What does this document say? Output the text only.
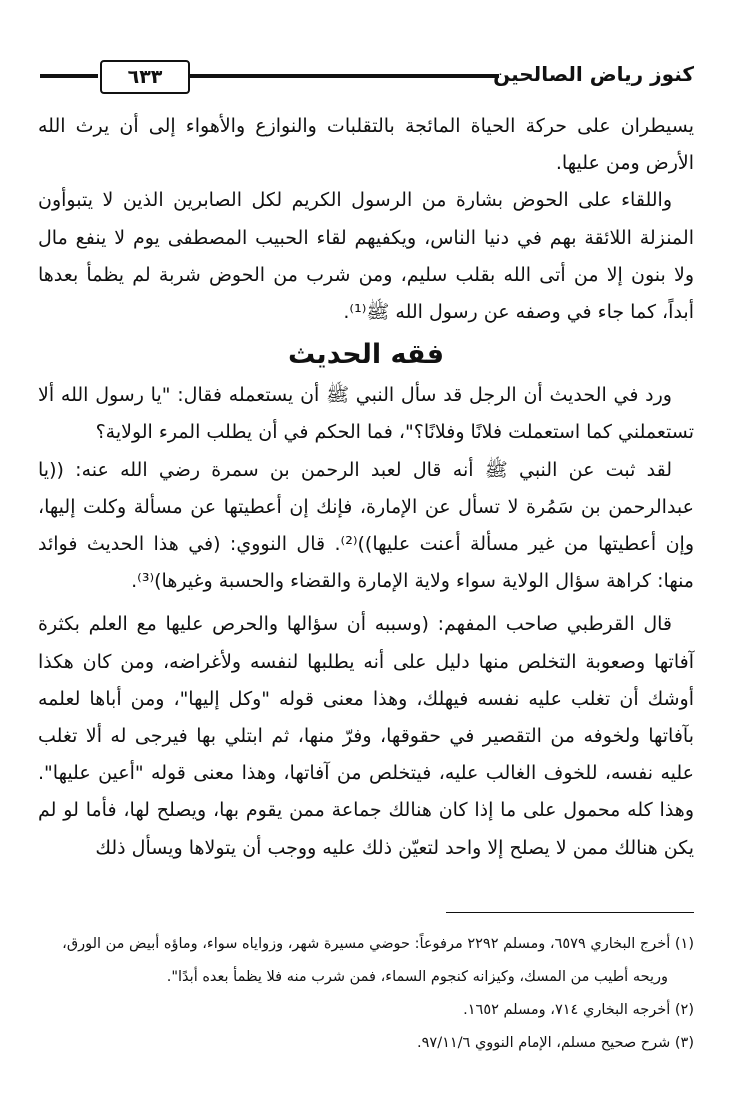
كنوز رياض الصالحين
٦٣٣

يسيطران على حركة الحياة المائجة بالتقلبات والنوازع والأهواء إلى أن يرث الله الأرض ومن عليها.

واللقاء على الحوض بشارة من الرسول الكريم لكل الصابرين الذين لا يتبوأون المنزلة اللائقة بهم في دنيا الناس، ويكفيهم لقاء الحبيب المصطفى يوم لا ينفع مال ولا بنون إلا من أتى الله بقلب سليم، ومن شرب من الحوض شربة لم يظمأ بعدها أبداً، كما جاء في وصفه عن رسول الله ﷺ⁽¹⁾.

فقه الحديث

ورد في الحديث أن الرجل قد سأل النبي ﷺ أن يستعمله فقال: "يا رسول الله ألا تستعملني كما استعملت فلانًا وفلانًا؟"، فما الحكم في أن يطلب المرء الولاية؟

لقد ثبت عن النبي ﷺ أنه قال لعبد الرحمن بن سمرة رضي الله عنه: ((يا عبدالرحمن بن سَمُرة لا تسأل عن الإمارة، فإنك إن أعطيتها عن مسألة وكلت إليها، وإن أعطيتها من غير مسألة أعنت عليها))⁽²⁾. قال النووي: (في هذا الحديث فوائد منها: كراهة سؤال الولاية سواء ولاية الإمارة والقضاء والحسبة وغيرها)⁽³⁾.

قال القرطبي صاحب المفهم: (وسببه أن سؤالها والحرص عليها مع العلم بكثرة آفاتها وصعوبة التخلص منها دليل على أنه يطلبها لنفسه ولأغراضه، ومن كان هكذا أوشك أن تغلب عليه نفسه فيهلك، وهذا معنى قوله "وكل إليها"، ومن أباها لعلمه بآفاتها ولخوفه من التقصير في حقوقها، وفرّ منها، ثم ابتلي بها فيرجى له ألا تغلب عليه نفسه، للخوف الغالب عليه، فيتخلص من آفاتها، وهذا معنى قوله "أعين عليها". وهذا كله محمول على ما إذا كان هنالك جماعة ممن يقوم بها، ويصلح لها، فأما لو لم يكن هنالك ممن لا يصلح إلا واحد لتعيّن ذلك عليه ووجب أن يتولاها ويسأل ذلك

(١) أخرج البخاري ٦٥٧٩، ومسلم ٢٢٩٢ مرفوعاً: حوضي مسيرة شهر، وزواياه سواء، وماؤه أبيض من الورق،

وريحه أطيب من المسك، وكيزانه كنجوم السماء، فمن شرب منه فلا يظمأ بعده أبدًا".

(٢) أخرجه البخاري ٧١٤، ومسلم ١٦٥٢.

(٣) شرح صحيح مسلم، الإمام النووي ٩٧/١١/٦.
